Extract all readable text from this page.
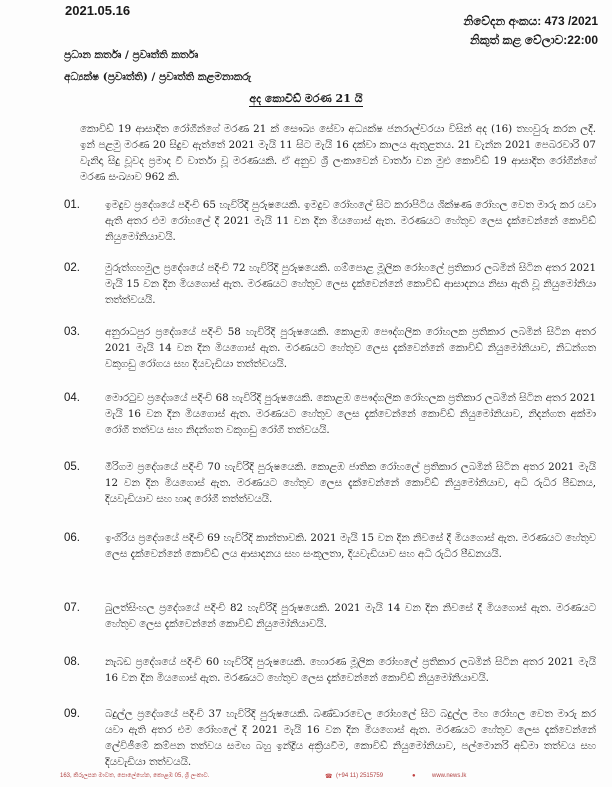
2021.05.16
නිවේදන අංකය: 473 /2021
නිකුත් කළ වේලාව:22:00
ප්‍රධාන කර්තෘ / ප්‍රවෘත්ති කර්තෘ
අධ්‍යක්ෂ (ප්‍රවෘත්ති) / ප්‍රවෘත්ති කළමනාකරු
අද කොවිඩ් මරණ 21 යි
කොවිඩ් 19 ආසාදිත රෝගීන්ගේ මරණ 21 ක් සෞඛ්‍ය සේවා අධ්‍යක්ෂ ජනරාල්වරයා විසින් අද (16) තහවුරු කරන ලදී. ඉන් පළමු මරණ 20 සිදුව ඇත්තේ 2021 මැයි 11 සිට මැයි 16 දක්වා කාලය ඇතුළතය. 21 වැන්න 2021 පෙබරවාරි 07 වැනිදා සිදු වූවද ප්‍රමාද වී වාර්තා වූ මරණයකි. ඒ අනුව ශ්‍රී ලංකාවෙන් වාර්තා වන මුළු කොවිඩ් 19 ආසාදිත රෝගීන්ගේ මරණ සංඛ්‍යාව 962 කි.
01. ඉමදුව ප්‍රදේශයේ පදිංචි 65 හැවිරිදි පුරුෂයෙකි. ඉමදුව රෝහලේ සිට කරාපිටිය ශික්ෂණ රෝහල වෙත මාරු කර යවා ඇති අතර එම රෝහලේ දී 2021 මැයි 11 වන දින මියගොස් ඇත. මරණයට හේතුව ලෙස දැක්වෙන්නේ කොවිඩ් නියුමෝනියාවයි.
02. මුරුත්ගහමුල ප්‍රදේශයේ පදිංචි 72 හැවිරිදි පුරුෂයෙකි. ගම්පොළ මූලික රෝහලේ ප්‍රතිකාර ලබමින් සිටින අතර 2021 මැයි 15 වන දින මියගොස් ඇත. මරණයට හේතුව ලෙස දැක්වෙන්නේ කොවිඩ් ආසාදනය නිසා ඇති වූ නියුමෝනියා තත්ත්වයයි.
03. අනුරාධපුර ප්‍රදේශයේ පදිංචි 58 හැවිරිදි පුරුෂයෙකි. කොළඹ පෞද්ගලික රෝහලක ප්‍රතිකාර ලබමින් සිටින අතර 2021 මැයි 14 වන දින මියගොස් ඇත. මරණයට හේතුව ලෙස දැක්වෙන්නේ කොවිඩ් නියුමෝනියාව, නිධන්ගත වකුගඩු රෝගය සහ දියවැඩියා තත්ත්වයයි.
04. මොරටුව ප්‍රදේශයේ පදිංචි 68 හැවිරිදි පුරුෂයෙකි. කොළඹ පෞද්ගලික රෝහලක ප්‍රතිකාර ලබමින් සිටින අතර 2021 මැයි 16 වන දින මියගොස් ඇත. මරණයට හේතුව ලෙස දැක්වෙන්නේ කොවිඩ් නියුමෝනියාව, නිදන්ගත අක්මා රෝගී තත්වය සහ නිදන්ගත වකුගඩු රෝගී තත්වයයි.
05. මීරිගම ප්‍රදේශයේ පදිංචි 70 හැවිරිදි පුරුෂයෙකි. කොළඹ ජාතික රෝහලේ ප්‍රතිකාර ලබමින් සිටින අතර 2021 මැයි 12 වන දින මියගොස් ඇත. මරණයට හේතුව ලෙස දැක්වෙන්නේ කොවිඩ් නියුමෝනියාව, අධි රුධිර පීඩනය, දියවැඩියාව සහ හෘද රෝගී තත්ත්වයයි.
06. ඉංගිරිය ප්‍රදේශයේ පදිංචි 69 හැවිරිදි කාන්තාවකි. 2021 මැයි 15 වන දින නිවසේ දී මියගොස් ඇත. මරණයට හේතුව ලෙස දැක්වෙන්නේ කොවිඩ් ලය ආසාදනය සහ සංකූලතා, දියවැඩියාව සහ අධි රුධිර පීඩනයයි.
07. බුලත්සිංහල ප්‍රදේශයේ පදිංචි 82 හැවිරිදි පුරුෂයෙකි. 2021 මැයි 14 වන දින නිවසේ දී මියගොස් ඇත. මරණයට හේතුව ලෙස දැක්වෙන්නේ කොවිඩ් නියුමෝනියාවයි.
08. නැබඩ ප්‍රදේශයේ පදිංචි 60 හැවිරිදි පුරුෂයෙකි. හොරණ මූලික රෝහලේ ප්‍රතිකාර ලබමින් සිටින අතර 2021 මැයි 16 වන දින මියගොස් ඇත. මරණයට හේතුව ලෙස දැක්වෙන්නේ කොවිඩ් නියුමෝනියාවයි.
09. බදුල්ල ප්‍රදේශයේ පදිංචි 37 හැවිරිදි පුරුෂයෙකි. බණ්ඩාරවෙල රෝහලේ සිට බදුල්ල මහ රෝහල වෙත මාරු කර යවා ඇති අතර එම රෝහලේ දී 2021 මැයි 16 වන දින මියගොස් ඇත. මරණයට හේතුව ලෙස දැක්වෙන්නේ ලේවිජීමේ කම්පන තත්වය සමඟ බහු ඉන්ද්‍රිය අක්‍රියවීම, කොවිඩ් නියුමෝනියාව, පල්මොනරි අඩ්මා තත්වය සහ දියවැඩියා තත්වයයි.
163, කිරුලපන මාවත, පොලේහේන, කොළඹ 05, ශ්‍රී ලංකාව.	☎ (+94 11) 2515759	●	www.news.lk
